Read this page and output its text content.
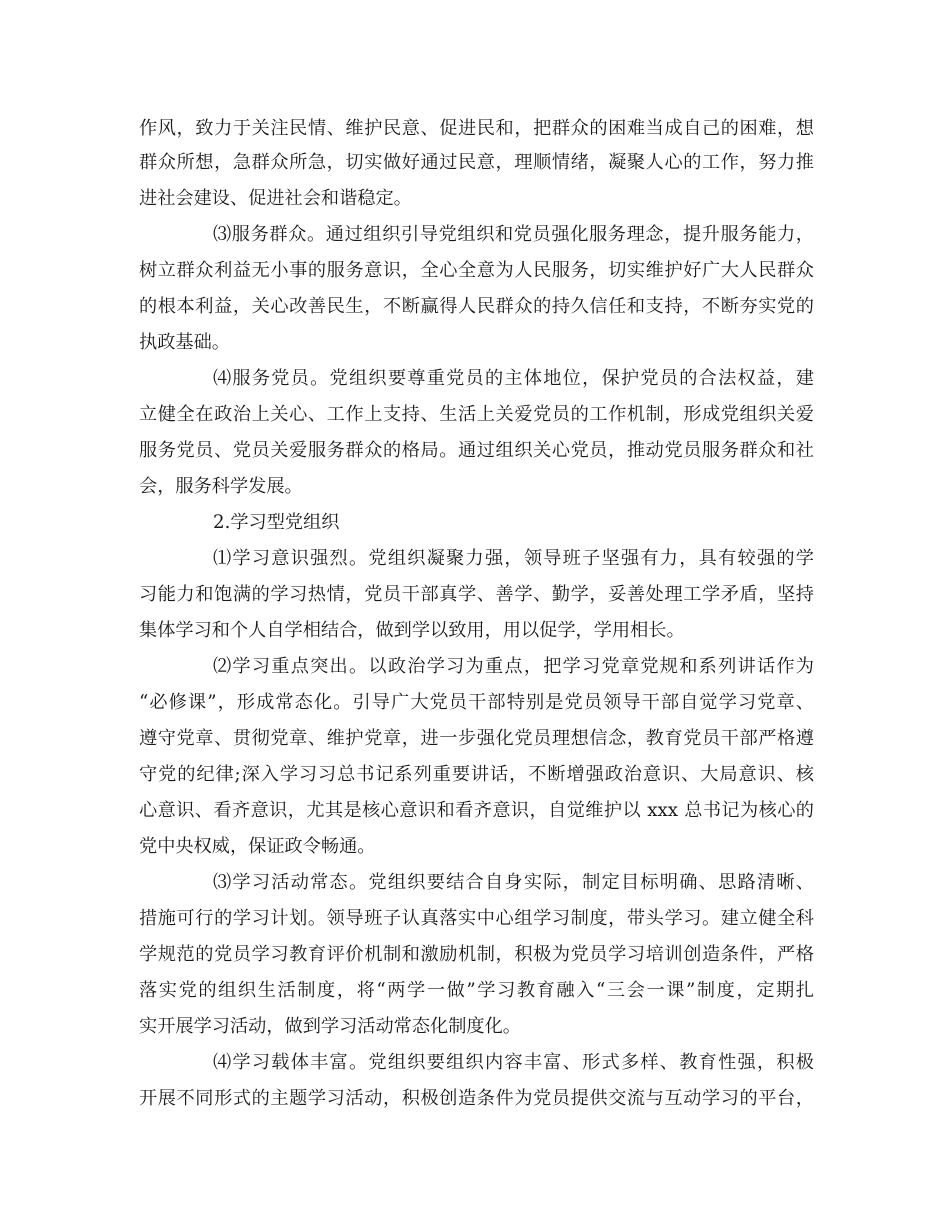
作风，致力于关注民情、维护民意、促进民和，把群众的困难当成自己的困难，想
群众所想，急群众所急，切实做好通过民意，理顺情绪，凝聚人心的工作，努力推
进社会建设、促进社会和谐稳定。
⑶服务群众。通过组织引导党组织和党员强化服务理念，提升服务能力，
树立群众利益无小事的服务意识，全心全意为人民服务，切实维护好广大人民群众
的根本利益，关心改善民生，不断赢得人民群众的持久信任和支持，不断夯实党的
执政基础。
⑷服务党员。党组织要尊重党员的主体地位，保护党员的合法权益，建
立健全在政治上关心、工作上支持、生活上关爱党员的工作机制，形成党组织关爱
服务党员、党员关爱服务群众的格局。通过组织关心党员，推动党员服务群众和社
会，服务科学发展。
2.学习型党组织
⑴学习意识强烈。党组织凝聚力强，领导班子坚强有力，具有较强的学
习能力和饱满的学习热情，党员干部真学、善学、勤学，妥善处理工学矛盾，坚持
集体学习和个人自学相结合，做到学以致用，用以促学，学用相长。
⑵学习重点突出。以政治学习为重点，把学习党章党规和系列讲话作为
“必修课”，形成常态化。引导广大党员干部特别是党员领导干部自觉学习党章、
遵守党章、贯彻党章、维护党章，进一步强化党员理想信念，教育党员干部严格遵
守党的纪律;深入学习习总书记系列重要讲话，不断增强政治意识、大局意识、核
心意识、看齐意识，尤其是核心意识和看齐意识，自觉维护以 xxx 总书记为核心的
党中央权威，保证政令畅通。
⑶学习活动常态。党组织要结合自身实际，制定目标明确、思路清晰、
措施可行的学习计划。领导班子认真落实中心组学习制度，带头学习。建立健全科
学规范的党员学习教育评价机制和激励机制，积极为党员学习培训创造条件，严格
落实党的组织生活制度，将“两学一做”学习教育融入“三会一课”制度，定期扎
实开展学习活动，做到学习活动常态化制度化。
⑷学习载体丰富。党组织要组织内容丰富、形式多样、教育性强，积极
开展不同形式的主题学习活动，积极创造条件为党员提供交流与互动学习的平台，
